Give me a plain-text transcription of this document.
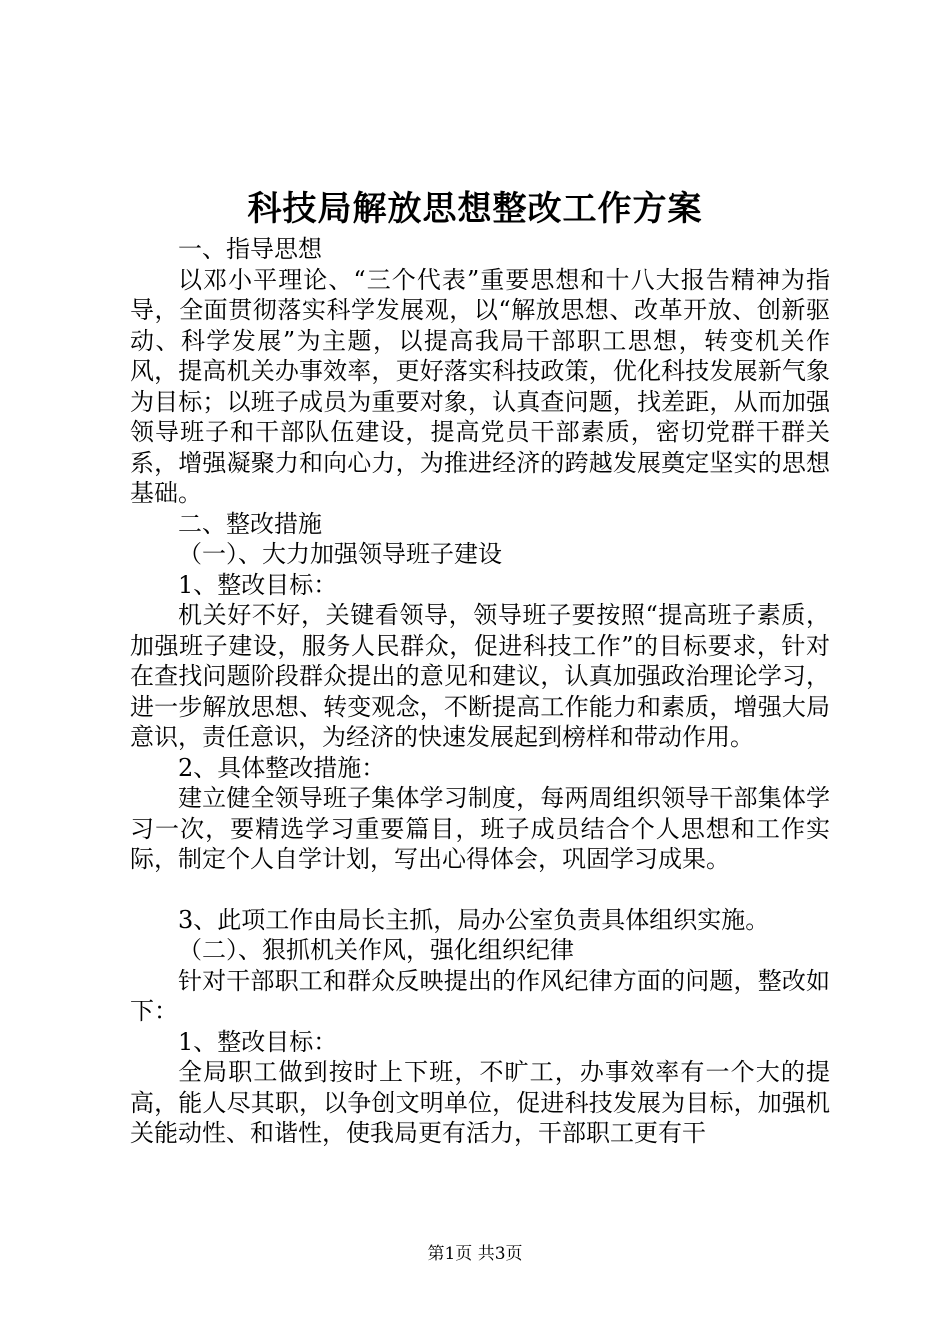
科技局解放思想整改工作方案

一、指导思想

以邓小平理论、“三个代表”重要思想和十八大报告精神为指导，全面贯彻落实科学发展观，以“解放思想、改革开放、创新驱动、科学发展”为主题，以提高我局干部职工思想，转变机关作风，提高机关办事效率，更好落实科技政策，优化科技发展新气象为目标；以班子成员为重要对象，认真查问题，找差距，从而加强领导班子和干部队伍建设，提高党员干部素质，密切党群干群关系，增强凝聚力和向心力，为推进经济的跨越发展奠定坚实的思想基础。

二、整改措施

（一）、大力加强领导班子建设

1、整改目标：

机关好不好，关键看领导，领导班子要按照“提高班子素质，加强班子建设，服务人民群众，促进科技工作”的目标要求，针对在查找问题阶段群众提出的意见和建议，认真加强政治理论学习，进一步解放思想、转变观念，不断提高工作能力和素质，增强大局意识，责任意识，为经济的快速发展起到榜样和带动作用。

2、具体整改措施：

建立健全领导班子集体学习制度，每两周组织领导干部集体学习一次，要精选学习重要篇目，班子成员结合个人思想和工作实际，制定个人自学计划，写出心得体会，巩固学习成果。

3、此项工作由局长主抓，局办公室负责具体组织实施。

（二）、狠抓机关作风，强化组织纪律

针对干部职工和群众反映提出的作风纪律方面的问题，整改如下：

1、整改目标：

全局职工做到按时上下班，不旷工，办事效率有一个大的提高，能人尽其职，以争创文明单位，促进科技发展为目标，加强机关能动性、和谐性，使我局更有活力，干部职工更有干

第1页 共3页
